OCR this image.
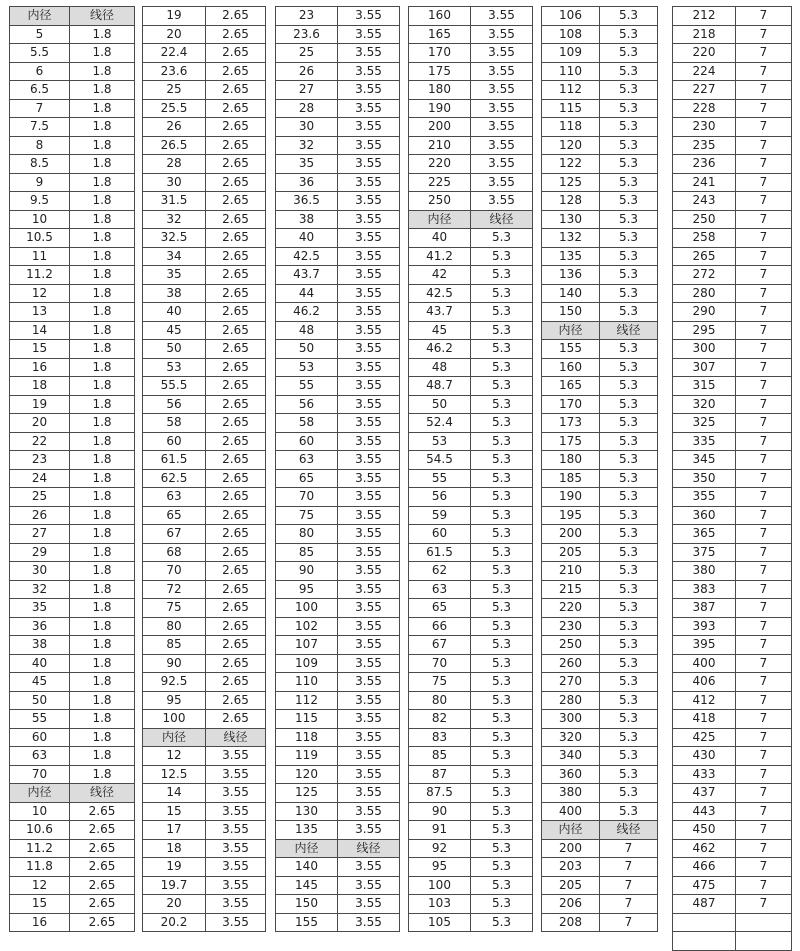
内径	线径
5	1.8
5.5	1.8
6	1.8
6.5	1.8
7	1.8
7.5	1.8
8	1.8
8.5	1.8
9	1.8
9.5	1.8
10	1.8
10.5	1.8
11	1.8
11.2	1.8
12	1.8
13	1.8
14	1.8
15	1.8
16	1.8
18	1.8
19	1.8
20	1.8
22	1.8
23	1.8
24	1.8
25	1.8
26	1.8
27	1.8
29	1.8
30	1.8
32	1.8
35	1.8
36	1.8
38	1.8
40	1.8
45	1.8
50	1.8
55	1.8
60	1.8
63	1.8
70	1.8
内径	线径
10	2.65
10.6	2.65
11.2	2.65
11.8	2.65
12	2.65
15	2.65
16	2.65
19	2.65
20	2.65
22.4	2.65
23.6	2.65
25	2.65
25.5	2.65
26	2.65
26.5	2.65
28	2.65
30	2.65
31.5	2.65
32	2.65
32.5	2.65
34	2.65
35	2.65
38	2.65
40	2.65
45	2.65
50	2.65
53	2.65
55.5	2.65
56	2.65
58	2.65
60	2.65
61.5	2.65
62.5	2.65
63	2.65
65	2.65
67	2.65
68	2.65
70	2.65
72	2.65
75	2.65
80	2.65
85	2.65
90	2.65
92.5	2.65
95	2.65
100	2.65
内径	线径
12	3.55
12.5	3.55
14	3.55
15	3.55
17	3.55
18	3.55
19	3.55
19.7	3.55
20	3.55
20.2	3.55
23	3.55
23.6	3.55
25	3.55
26	3.55
27	3.55
28	3.55
30	3.55
32	3.55
35	3.55
36	3.55
36.5	3.55
38	3.55
40	3.55
42.5	3.55
43.7	3.55
44	3.55
46.2	3.55
48	3.55
50	3.55
53	3.55
55	3.55
56	3.55
58	3.55
60	3.55
63	3.55
65	3.55
70	3.55
75	3.55
80	3.55
85	3.55
90	3.55
95	3.55
100	3.55
102	3.55
107	3.55
109	3.55
110	3.55
112	3.55
115	3.55
118	3.55
119	3.55
120	3.55
125	3.55
130	3.55
135	3.55
内径	线径
140	3.55
145	3.55
150	3.55
155	3.55
160	3.55
165	3.55
170	3.55
175	3.55
180	3.55
190	3.55
200	3.55
210	3.55
220	3.55
225	3.55
250	3.55
内径	线径
40	5.3
41.2	5.3
42	5.3
42.5	5.3
43.7	5.3
45	5.3
46.2	5.3
48	5.3
48.7	5.3
50	5.3
52.4	5.3
53	5.3
54.5	5.3
55	5.3
56	5.3
59	5.3
60	5.3
61.5	5.3
62	5.3
63	5.3
65	5.3
66	5.3
67	5.3
70	5.3
75	5.3
80	5.3
82	5.3
83	5.3
85	5.3
87	5.3
87.5	5.3
90	5.3
91	5.3
92	5.3
95	5.3
100	5.3
103	5.3
105	5.3
106	5.3
108	5.3
109	5.3
110	5.3
112	5.3
115	5.3
118	5.3
120	5.3
122	5.3
125	5.3
128	5.3
130	5.3
132	5.3
135	5.3
136	5.3
140	5.3
150	5.3
内径	线径
155	5.3
160	5.3
165	5.3
170	5.3
173	5.3
175	5.3
180	5.3
185	5.3
190	5.3
195	5.3
200	5.3
205	5.3
210	5.3
215	5.3
220	5.3
230	5.3
250	5.3
260	5.3
270	5.3
280	5.3
300	5.3
320	5.3
340	5.3
360	5.3
380	5.3
400	5.3
内径	线径
200	7
203	7
205	7
206	7
208	7
212	7
218	7
220	7
224	7
227	7
228	7
230	7
235	7
236	7
241	7
243	7
250	7
258	7
265	7
272	7
280	7
290	7
295	7
300	7
307	7
315	7
320	7
325	7
335	7
345	7
350	7
355	7
360	7
365	7
375	7
380	7
383	7
387	7
393	7
395	7
400	7
406	7
412	7
418	7
425	7
430	7
433	7
437	7
443	7
450	7
462	7
466	7
475	7
487	7
